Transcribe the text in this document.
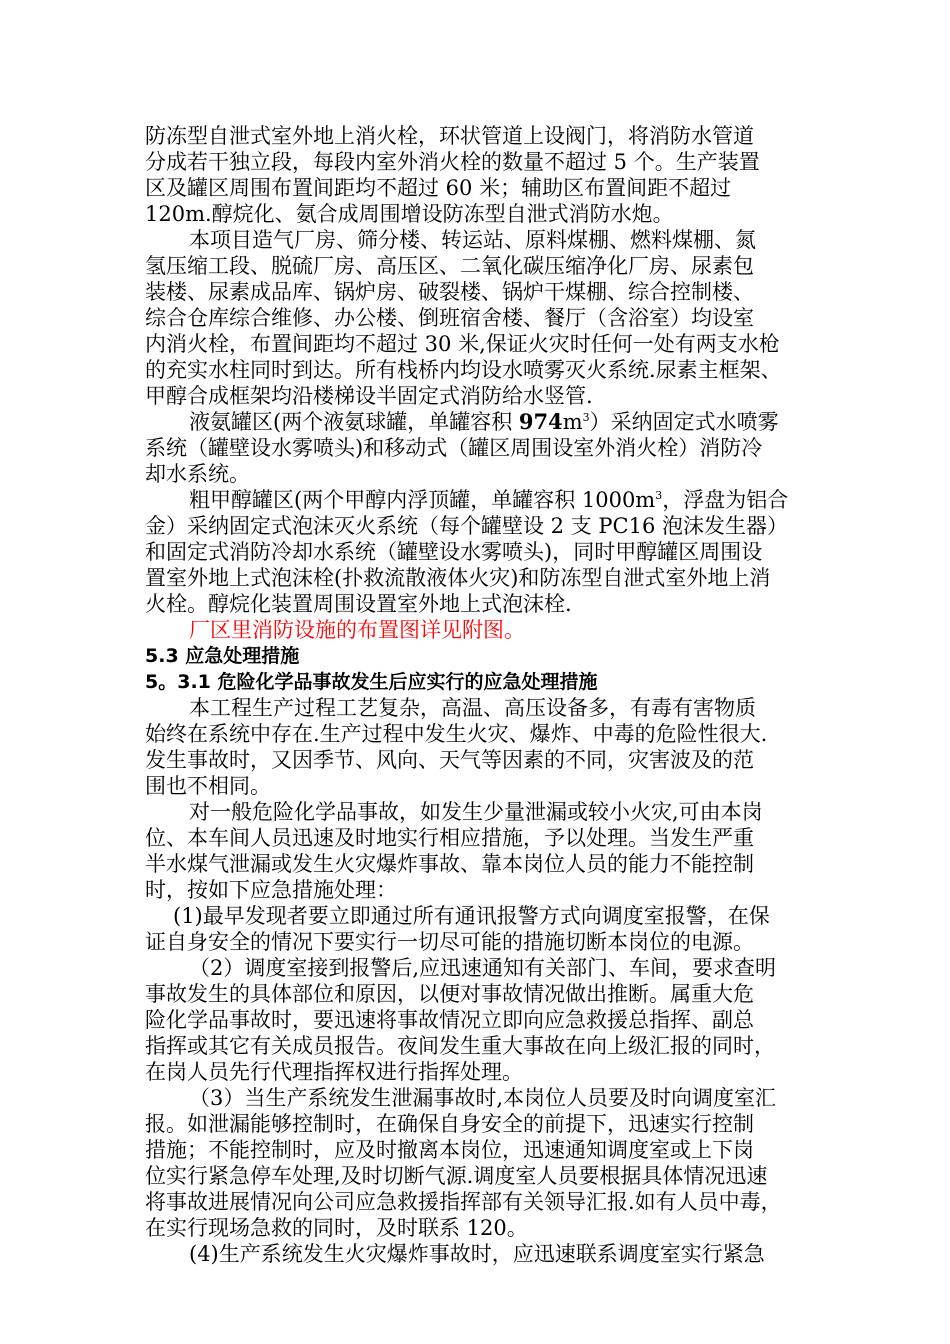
防冻型自泄式室外地上消火栓，环状管道上设阀门，将消防水管道
分成若干独立段，每段内室外消火栓的数量不超过 5 个。生产装置
区及罐区周围布置间距均不超过 60 米；辅助区布置间距不超过
120m.醇烷化、氨合成周围增设防冻型自泄式消防水炮。
本项目造气厂房、筛分楼、转运站、原料煤棚、燃料煤棚、氮
氢压缩工段、脱硫厂房、高压区、二氧化碳压缩净化厂房、尿素包
装楼、尿素成品库、锅炉房、破裂楼、锅炉干煤棚、综合控制楼、
综合仓库综合维修、办公楼、倒班宿舍楼、餐厅（含浴室）均设室
内消火栓，布置间距均不超过 30 米,保证火灾时任何一处有两支水枪
的充实水柱同时到达。所有栈桥内均设水喷雾灭火系统.尿素主框架、
甲醇合成框架均沿楼梯设半固定式消防给水竖管.
液氨罐区(两个液氨球罐，单罐容积 $974m^3$）采纳固定式水喷雾
系统（罐壁设水雾喷头)和移动式（罐区周围设室外消火栓）消防冷
却水系统。
粗甲醇罐区(两个甲醇内浮顶罐，单罐容积 $1000m^3$，浮盘为铝合
金）采纳固定式泡沫灭火系统（每个罐壁设 2 支 PC16 泡沫发生器）
和固定式消防冷却水系统（罐壁设水雾喷头)，同时甲醇罐区周围设
置室外地上式泡沫栓(扑救流散液体火灾)和防冻型自泄式室外地上消
火栓。醇烷化装置周围设置室外地上式泡沫栓.
厂区里消防设施的布置图详见附图。
5.3 应急处理措施
5。3.1 危险化学品事故发生后应实行的应急处理措施
本工程生产过程工艺复杂，高温、高压设备多，有毒有害物质
始终在系统中存在.生产过程中发生火灾、爆炸、中毒的危险性很大.
发生事故时，又因季节、风向、天气等因素的不同，灾害波及的范
围也不相同。
对一般危险化学品事故，如发生少量泄漏或较小火灾,可由本岗
位、本车间人员迅速及时地实行相应措施，予以处理。当发生严重
半水煤气泄漏或发生火灾爆炸事故、靠本岗位人员的能力不能控制
时，按如下应急措施处理：
(1)最早发现者要立即通过所有通讯报警方式向调度室报警，在保
证自身安全的情况下要实行一切尽可能的措施切断本岗位的电源。
（2）调度室接到报警后,应迅速通知有关部门、车间，要求查明
事故发生的具体部位和原因，以便对事故情况做出推断。属重大危
险化学品事故时，要迅速将事故情况立即向应急救援总指挥、副总
指挥或其它有关成员报告。夜间发生重大事故在向上级汇报的同时，
在岗人员先行代理指挥权进行指挥处理。
（3）当生产系统发生泄漏事故时,本岗位人员要及时向调度室汇
报。如泄漏能够控制时，在确保自身安全的前提下，迅速实行控制
措施；不能控制时，应及时撤离本岗位，迅速通知调度室或上下岗
位实行紧急停车处理,及时切断气源.调度室人员要根据具体情况迅速
将事故进展情况向公司应急救援指挥部有关领导汇报.如有人员中毒，
在实行现场急救的同时，及时联系 120。
(4)生产系统发生火灾爆炸事故时，应迅速联系调度室实行紧急
